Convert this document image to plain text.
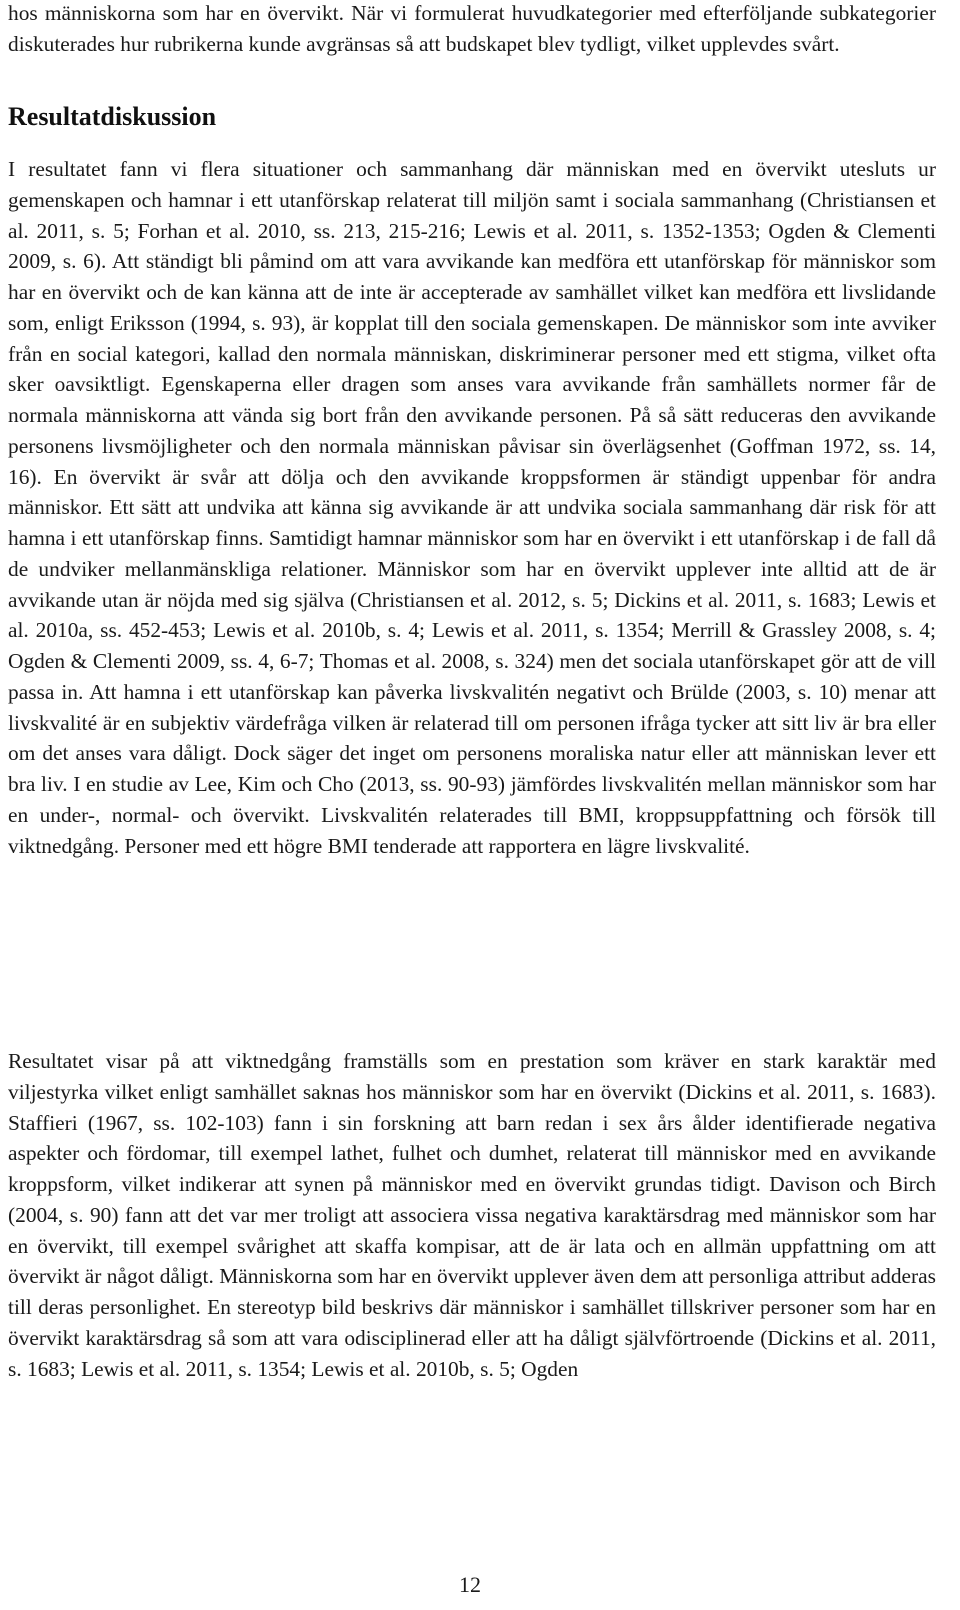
hos människorna som har en övervikt. När vi formulerat huvudkategorier med efterföljande subkategorier diskuterades hur rubrikerna kunde avgränsas så att budskapet blev tydligt, vilket upplevdes svårt.

Resultatdiskussion

I resultatet fann vi flera situationer och sammanhang där människan med en övervikt utesluts ur gemenskapen och hamnar i ett utanförskap relaterat till miljön samt i sociala sammanhang (Christiansen et al. 2011, s. 5; Forhan et al. 2010, ss. 213, 215-216; Lewis et al. 2011, s. 1352-1353; Ogden & Clementi 2009, s. 6). Att ständigt bli påmind om att vara avvikande kan medföra ett utanförskap för människor som har en övervikt och de kan känna att de inte är accepterade av samhället vilket kan medföra ett livslidande som, enligt Eriksson (1994, s. 93), är kopplat till den sociala gemenskapen. De människor som inte avviker från en social kategori, kallad den normala människan, diskriminerar personer med ett stigma, vilket ofta sker oavsiktligt. Egenskaperna eller dragen som anses vara avvikande från samhällets normer får de normala människorna att vända sig bort från den avvikande personen. På så sätt reduceras den avvikande personens livsmöjligheter och den normala människan påvisar sin överlägsenhet (Goffman 1972, ss. 14, 16). En övervikt är svår att dölja och den avvikande kroppsformen är ständigt uppenbar för andra människor. Ett sätt att undvika att känna sig avvikande är att undvika sociala sammanhang där risk för att hamna i ett utanförskap finns. Samtidigt hamnar människor som har en övervikt i ett utanförskap i de fall då de undviker mellanmänskliga relationer. Människor som har en övervikt upplever inte alltid att de är avvikande utan är nöjda med sig själva (Christiansen et al. 2012, s. 5; Dickins et al. 2011, s. 1683; Lewis et al. 2010a, ss. 452-453; Lewis et al. 2010b, s. 4; Lewis et al. 2011, s. 1354; Merrill & Grassley 2008, s. 4; Ogden & Clementi 2009, ss. 4, 6-7; Thomas et al. 2008, s. 324) men det sociala utanförskapet gör att de vill passa in. Att hamna i ett utanförskap kan påverka livskvalitén negativt och Brülde (2003, s. 10) menar att livskvalité är en subjektiv värdefråga vilken är relaterad till om personen ifråga tycker att sitt liv är bra eller om det anses vara dåligt. Dock säger det inget om personens moraliska natur eller att människan lever ett bra liv. I en studie av Lee, Kim och Cho (2013, ss. 90-93) jämfördes livskvalitén mellan människor som har en under-, normal- och övervikt. Livskvalitén relaterades till BMI, kroppsuppfattning och försök till viktnedgång. Personer med ett högre BMI tenderade att rapportera en lägre livskvalité.

Resultatet visar på att viktnedgång framställs som en prestation som kräver en stark karaktär med viljestyrka vilket enligt samhället saknas hos människor som har en övervikt (Dickins et al. 2011, s. 1683). Staffieri (1967, ss. 102-103) fann i sin forskning att barn redan i sex års ålder identifierade negativa aspekter och fördomar, till exempel lathet, fulhet och dumhet, relaterat till människor med en avvikande kroppsform, vilket indikerar att synen på människor med en övervikt grundas tidigt. Davison och Birch (2004, s. 90) fann att det var mer troligt att associera vissa negativa karaktärsdrag med människor som har en övervikt, till exempel svårighet att skaffa kompisar, att de är lata och en allmän uppfattning om att övervikt är något dåligt. Människorna som har en övervikt upplever även dem att personliga attribut adderas till deras personlighet. En stereotyp bild beskrivs där människor i samhället tillskriver personer som har en övervikt karaktärsdrag så som att vara odisciplinerad eller att ha dåligt självförtroende (Dickins et al. 2011, s. 1683; Lewis et al. 2011, s. 1354; Lewis et al. 2010b, s. 5; Ogden

12
